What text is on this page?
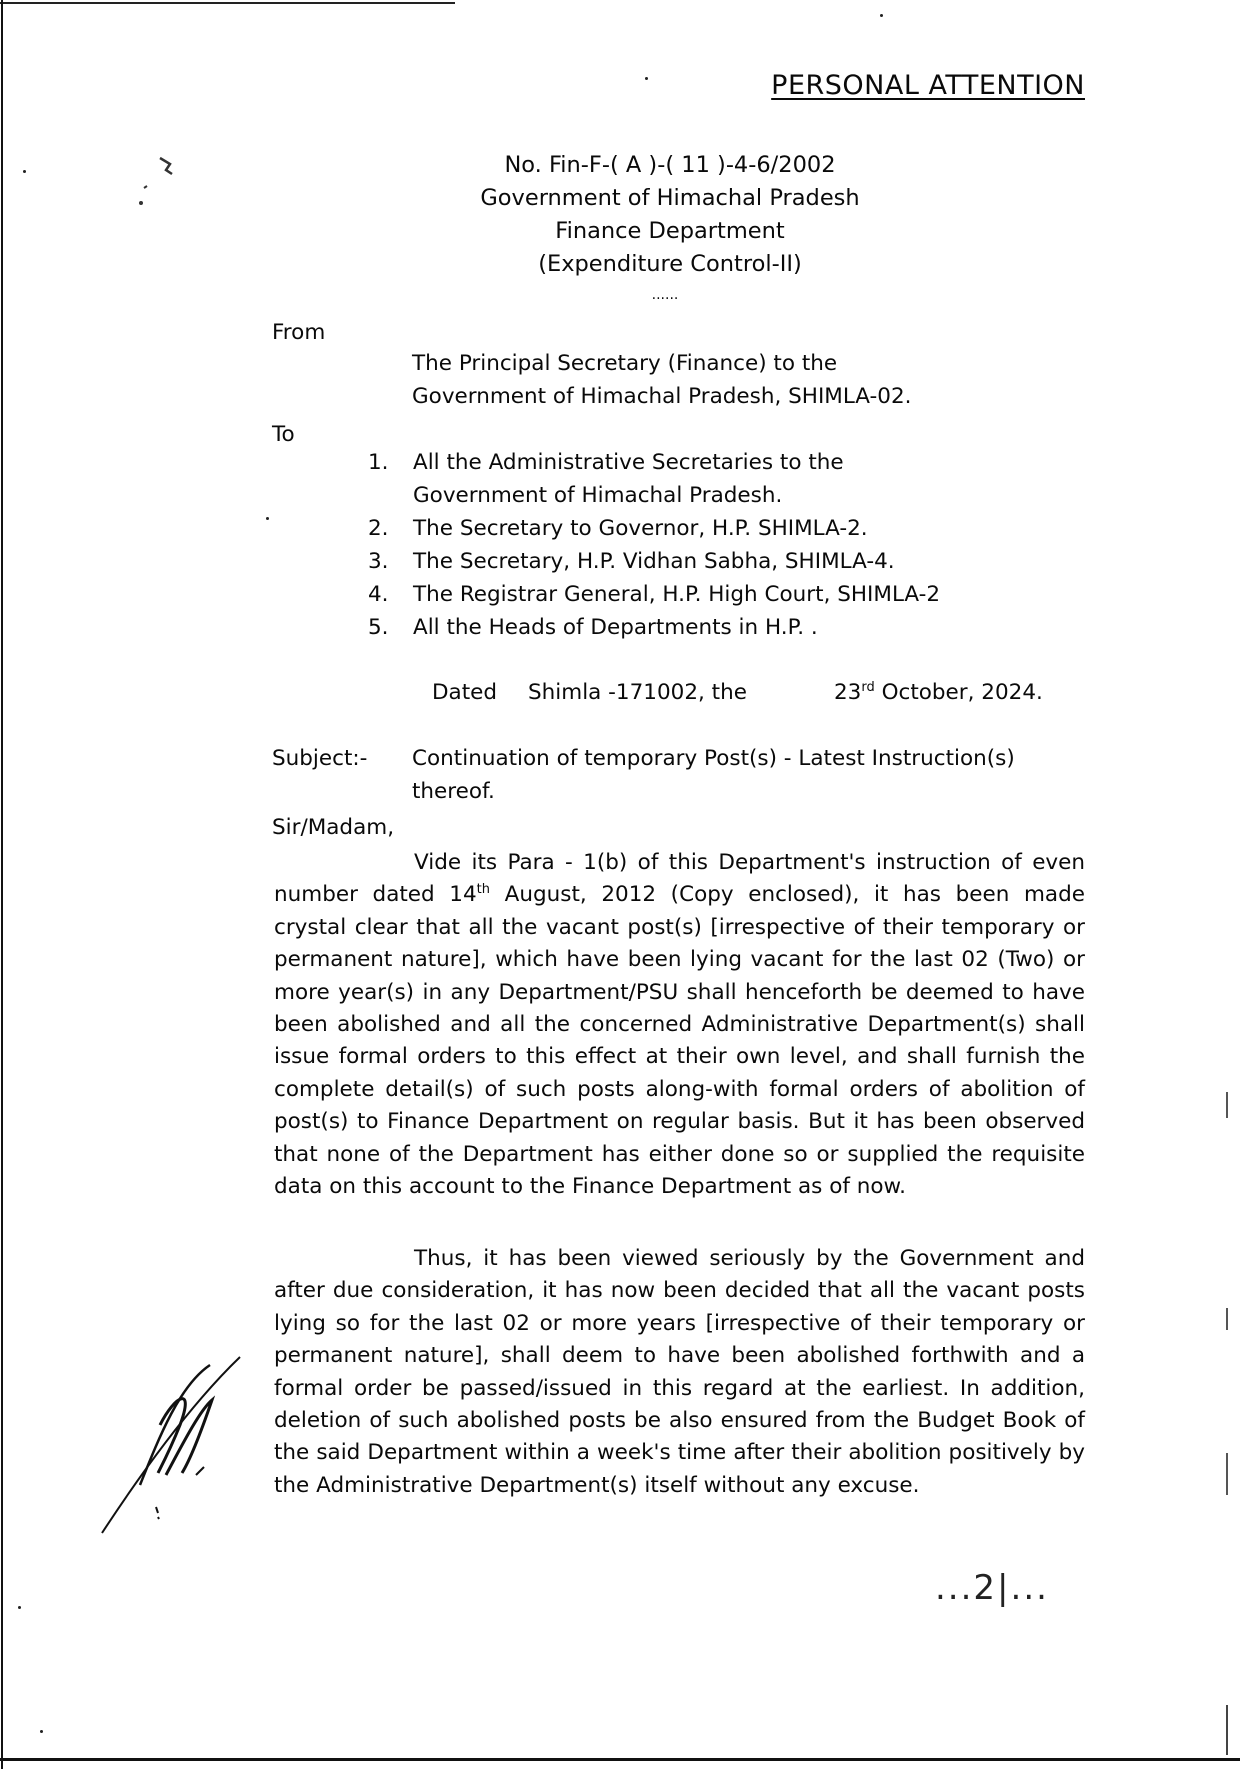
PERSONAL ATTENTION
No. Fin-F-( A )-( 11 )-4-6/2002
Government of Himachal Pradesh
Finance Department
(Expenditure Control-II)
......
From
The Principal Secretary (Finance) to the
Government of Himachal Pradesh, SHIMLA-02.
To
1.	All the Administrative Secretaries to the
Government of Himachal Pradesh.
2.	The Secretary to Governor, H.P. SHIMLA-2.
3.	The Secretary, H.P. Vidhan Sabha, SHIMLA-4.
4.	The Registrar General, H.P. High Court, SHIMLA-2
5.	All the Heads of Departments in H.P. .
Dated Shimla -171002, the	23rd October, 2024.
Subject:- Continuation of temporary Post(s) - Latest Instruction(s)
thereof.
Sir/Madam,
Vide its Para - 1(b) of this Department's instruction of even number dated 14th August, 2012 (Copy enclosed), it has been made crystal clear that all the vacant post(s) [irrespective of their temporary or permanent nature], which have been lying vacant for the last 02 (Two) or more year(s) in any Department/PSU shall henceforth be deemed to have been abolished and all the concerned Administrative Department(s) shall issue formal orders to this effect at their own level, and shall furnish the complete detail(s) of such posts along-with formal orders of abolition of post(s) to Finance Department on regular basis. But it has been observed that none of the Department has either done so or supplied the requisite data on this account to the Finance Department as of now.
Thus, it has been viewed seriously by the Government and after due consideration, it has now been decided that all the vacant posts lying so for the last 02 or more years [irrespective of their temporary or permanent nature], shall deem to have been abolished forthwith and a formal order be passed/issued in this regard at the earliest. In addition, deletion of such abolished posts be also ensured from the Budget Book of the said Department within a week's time after their abolition positively by the Administrative Department(s) itself without any excuse.
...2|...
